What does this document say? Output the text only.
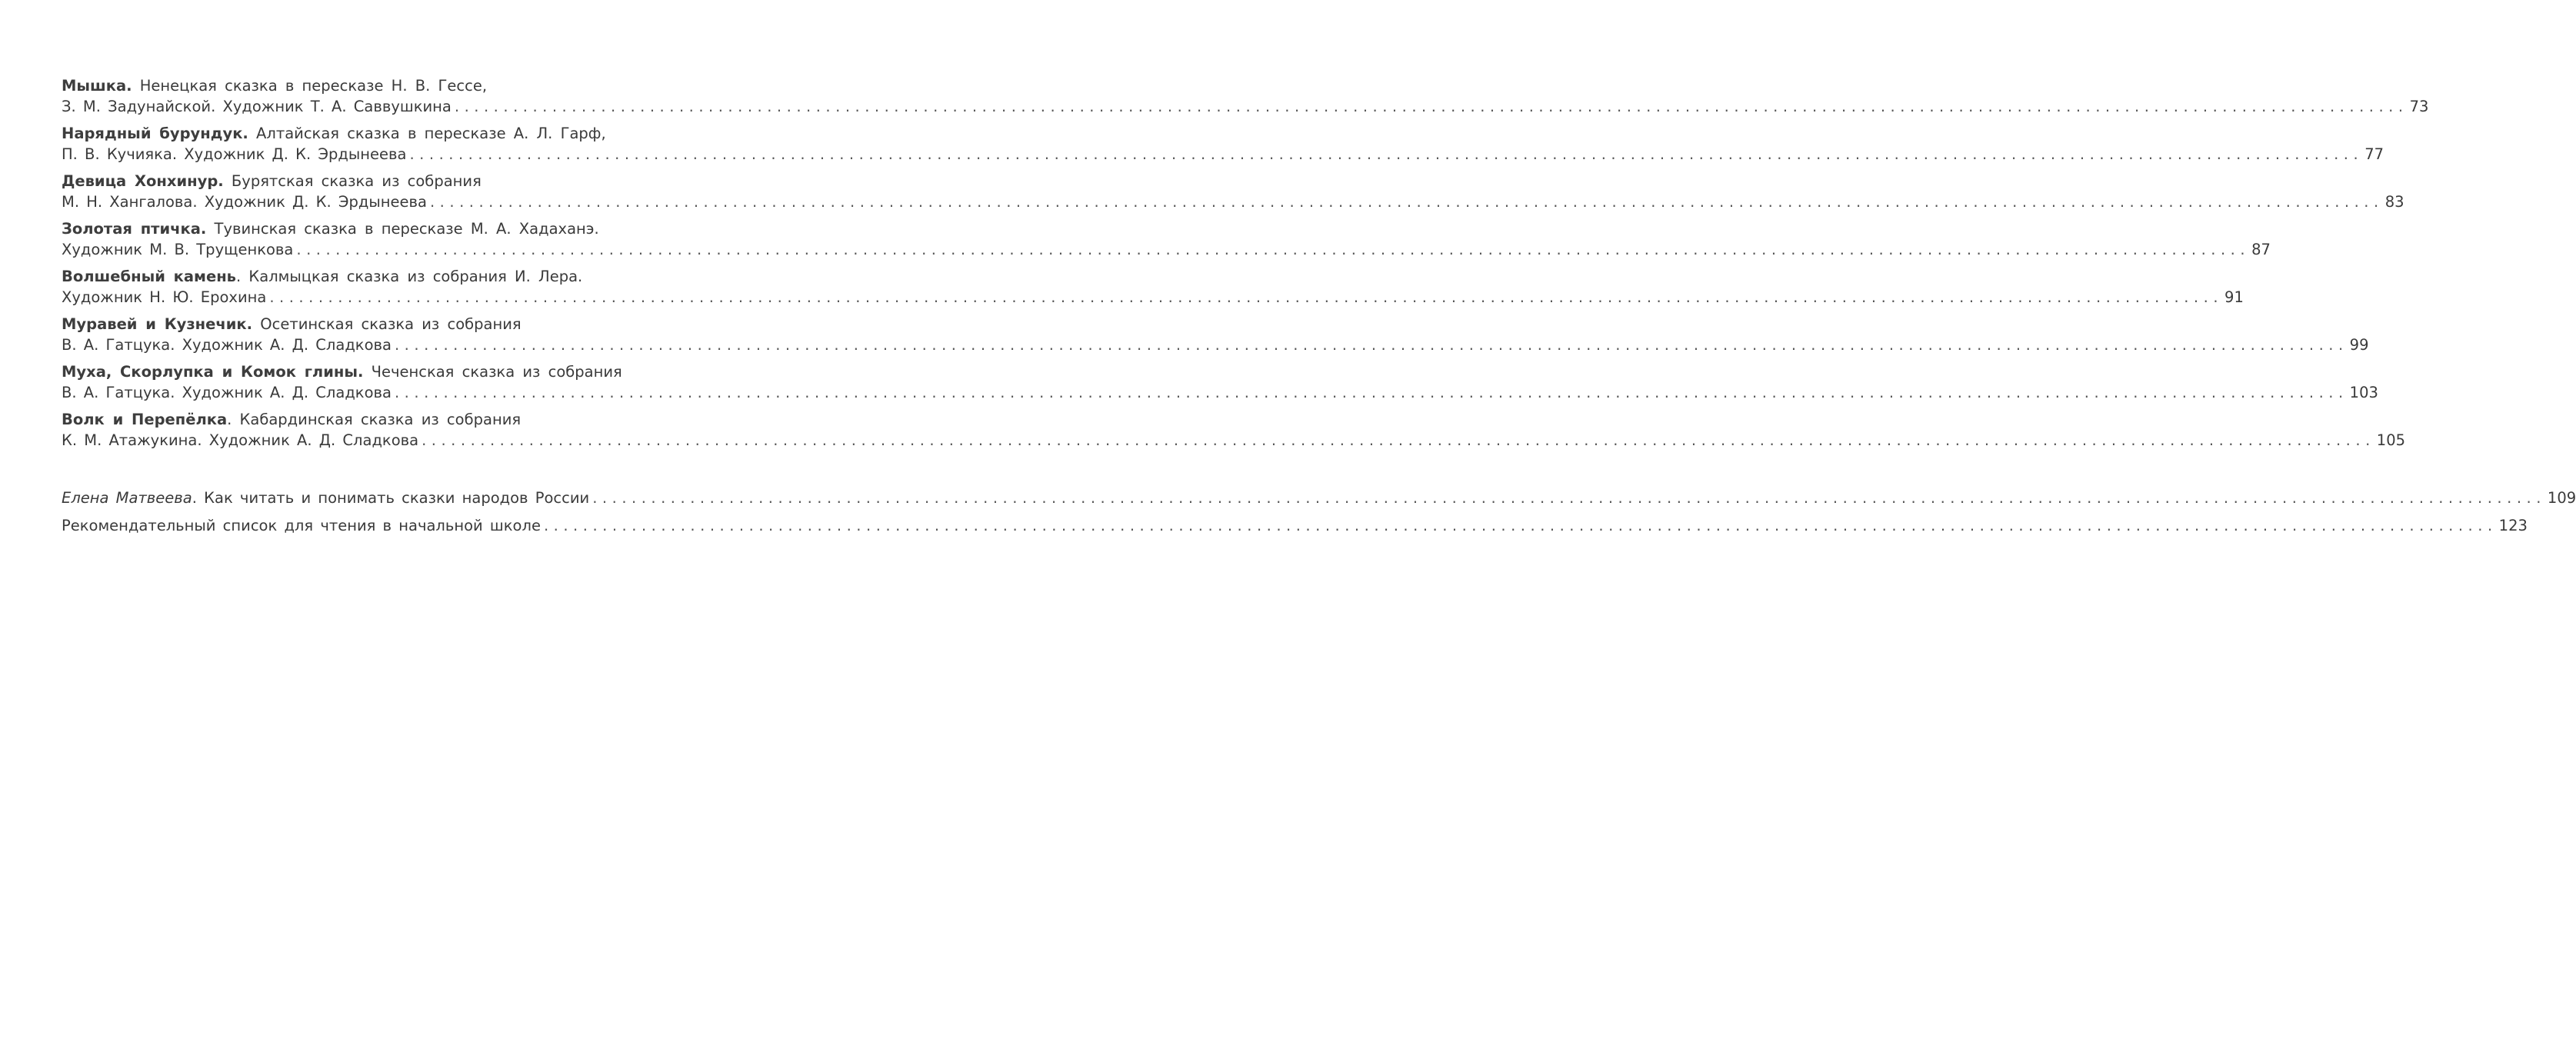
Мышка. Ненецкая сказка в пересказе Н. В. Гессе,
З. М. Задунайской. Художник Т. А. Саввушкина ........................................................................................................................................................................................................ 73
Нарядный бурундук. Алтайская сказка в пересказе А. Л. Гарф,
П. В. Кучияка. Художник Д. К. Эрдынеева ........................................................................................................................................................................................................ 77
Девица Хонхинур. Бурятская сказка из собрания
М. Н. Хангалова. Художник Д. К. Эрдынеева ........................................................................................................................................................................................................ 83
Золотая птичка. Тувинская сказка в пересказе М. А. Хадаханэ.
Художник М. В. Трущенкова ........................................................................................................................................................................................................ 87
Волшебный камень. Калмыцкая сказка из собрания И. Лера.
Художник Н. Ю. Ерохина ........................................................................................................................................................................................................ 91
Муравей и Кузнечик. Осетинская сказка из собрания
В. А. Гатцука. Художник А. Д. Сладкова ........................................................................................................................................................................................................ 99
Муха, Скорлупка и Комок глины. Чеченская сказка из собрания
В. А. Гатцука. Художник А. Д. Сладкова ........................................................................................................................................................................................................ 103
Волк и Перепёлка. Кабардинская сказка из собрания
К. М. Атажукина. Художник А. Д. Сладкова ........................................................................................................................................................................................................ 105
Елена Матвеева. Как читать и понимать сказки народов России ........................................................................................................................................................................................................ 109
Рекомендательный список для чтения в начальной школе ........................................................................................................................................................................................................ 123
